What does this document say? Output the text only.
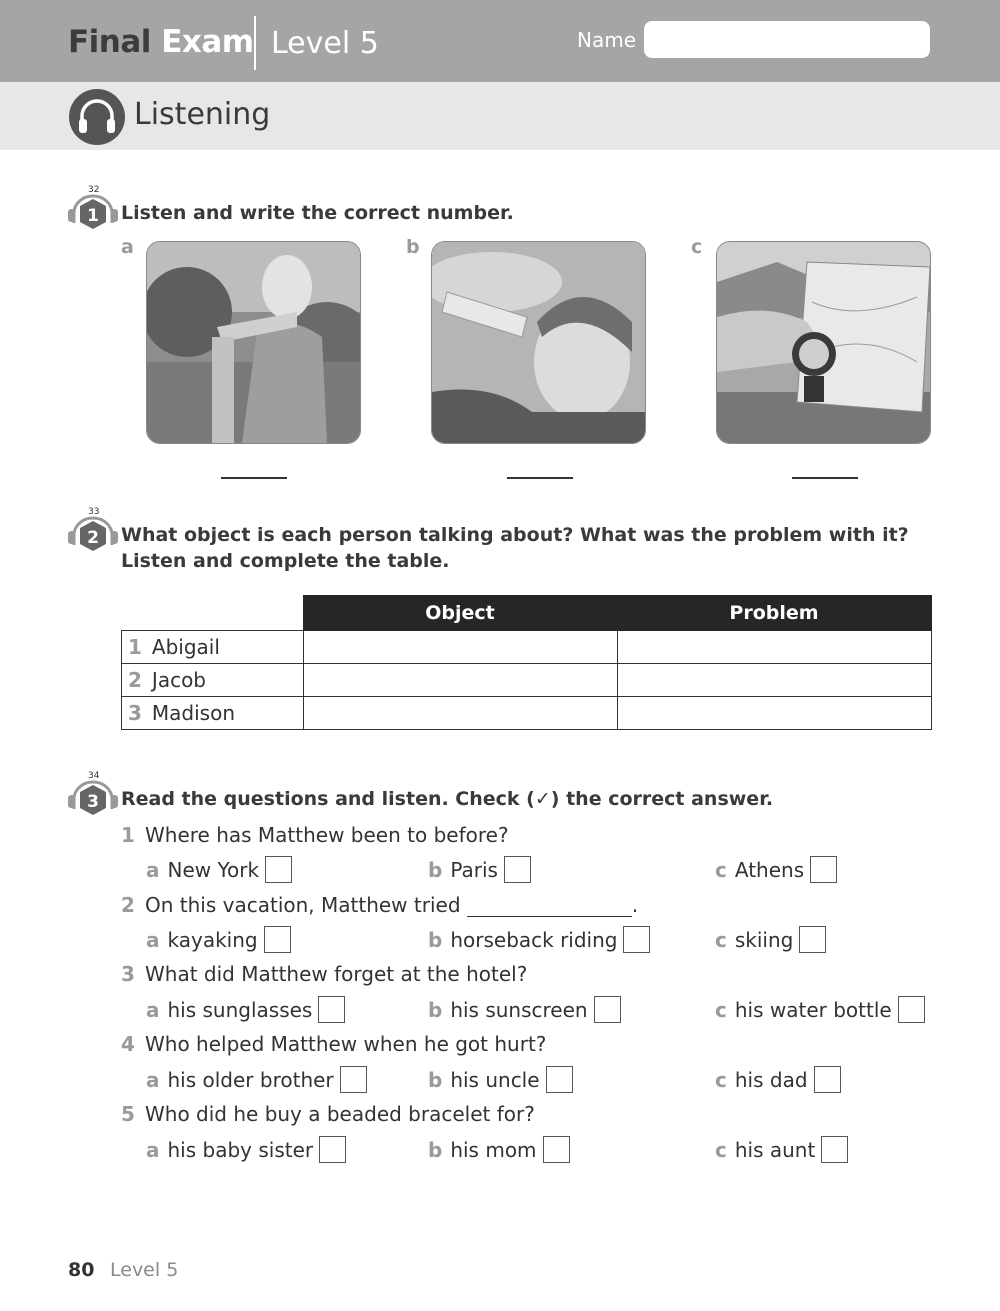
Final Exam Level 5	Name
Listening
32
1 Listen and write the correct number.
a	b	c
33
2 What object is each person talking about? What was the problem with it?
Listen and complete the table.
	Object	Problem
1 Abigail		
2 Jacob		
3 Madison		
34
3 Read the questions and listen. Check (✓) the correct answer.
1 Where has Matthew been to before?
a New York	b Paris	c Athens
2 On this vacation, Matthew tried	.
a kayaking	b horseback riding	c skiing
3 What did Matthew forget at the hotel?
a his sunglasses	b his sunscreen	c his water bottle
4 Who helped Matthew when he got hurt?
a his older brother	b his uncle	c his dad
5 Who did he buy a beaded bracelet for?
a his baby sister	b his mom	c his aunt
80 Level 5
